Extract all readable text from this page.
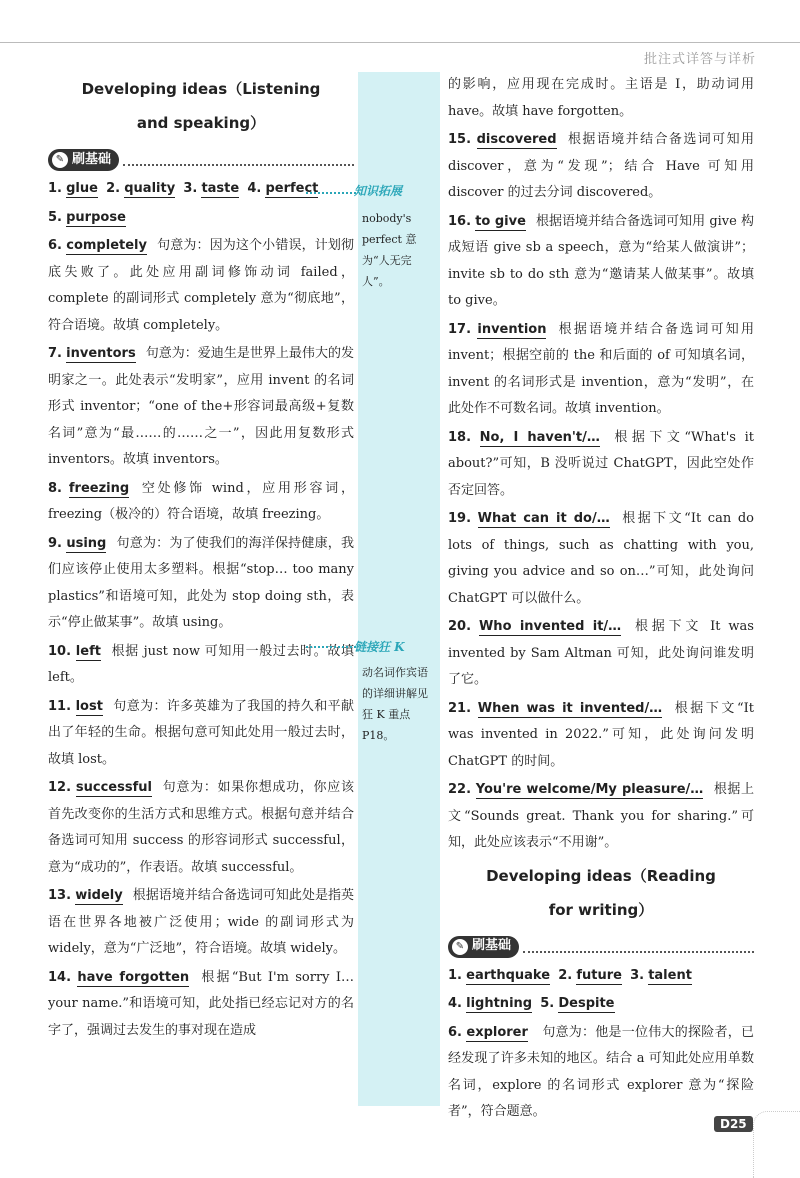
批注式详答与详析

Developing ideas（Listening

and speaking）

✎ 刷基础
1. glue 2. quality 3. taste 4. perfect
5. purpose
6. completely 句意为：因为这个小错误，计划彻底失败了。此处应用副词修饰动词 failed，complete 的副词形式 completely 意为“彻底地”，符合语境。故填 completely。
7. inventors 句意为：爱迪生是世界上最伟大的发明家之一。此处表示“发明家”，应用 invent 的名词形式 inventor；“one of the+形容词最高级+复数名词”意为“最……的……之一”，因此用复数形式 inventors。故填 inventors。
8. freezing 空处修饰 wind，应用形容词，freezing（极冷的）符合语境，故填 freezing。
9. using 句意为：为了使我们的海洋保持健康，我们应该停止使用太多塑料。根据“stop… too many plastics”和语境可知，此处为 stop doing sth，表示“停止做某事”。故填 using。
10. left 根据 just now 可知用一般过去时。故填 left。
11. lost 句意为：许多英雄为了我国的持久和平献出了年轻的生命。根据句意可知此处用一般过去时，故填 lost。
12. successful 句意为：如果你想成功，你应该首先改变你的生活方式和思维方式。根据句意并结合备选词可知用 success 的形容词形式 successful，意为“成功的”，作表语。故填 successful。
13. widely 根据语境并结合备选词可知此处是指英语在世界各地被广泛使用；wide 的副词形式为 widely，意为“广泛地”，符合语境。故填 widely。
14. have forgotten 根据“But I'm sorry I… your name.”和语境可知，此处指已经忘记对方的名字了，强调过去发生的事对现在造成
知识拓展
nobody's perfect 意为“人无完人”。
链接狂 K
动名词作宾语的详细讲解见狂 K 重点 P18。
的影响，应用现在完成时。主语是 I，助动词用 have。故填 have forgotten。
15. discovered 根据语境并结合备选词可知用 discover，意为“发现”；结合 Have 可知用 discover 的过去分词 discovered。
16. to give 根据语境并结合备选词可知用 give 构成短语 give sb a speech，意为“给某人做演讲”；invite sb to do sth 意为“邀请某人做某事”。故填 to give。
17. invention 根据语境并结合备选词可知用 invent；根据空前的 the 和后面的 of 可知填名词，invent 的名词形式是 invention，意为“发明”，在此处作不可数名词。故填 invention。
18. No, I haven't/… 根据下文“What's it about?”可知，B 没听说过 ChatGPT，因此空处作否定回答。
19. What can it do/… 根据下文“It can do lots of things, such as chatting with you, giving you advice and so on…”可知，此处询问 ChatGPT 可以做什么。
20. Who invented it/… 根据下文 It was invented by Sam Altman 可知，此处询问谁发明了它。
21. When was it invented/… 根据下文“It was invented in 2022.”可知，此处询问发明 ChatGPT 的时间。
22. You're welcome/My pleasure/… 根据上文“Sounds great. Thank you for sharing.”可知，此处应该表示“不用谢”。

Developing ideas（Reading

for writing）

✎ 刷基础
1. earthquake 2. future 3. talent
4. lightning 5. Despite
6. explorer 句意为：他是一位伟大的探险者，已经发现了许多未知的地区。结合 a 可知此处应用单数名词，explore 的名词形式 explorer 意为“探险者”，符合题意。
D25
